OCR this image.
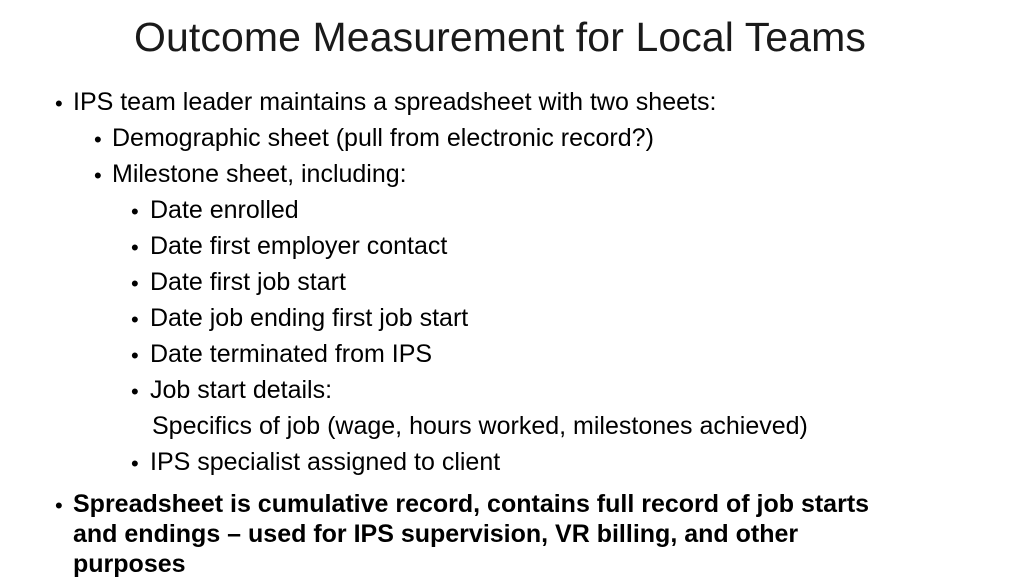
Outcome Measurement for Local Teams
• IPS team leader maintains a spreadsheet with two sheets:
• Demographic sheet (pull from electronic record?)
• Milestone sheet, including:
• Date enrolled
• Date first employer contact
• Date first job start
• Date job ending first job start
• Date terminated from IPS
• Job start details:
Specifics of job (wage, hours worked, milestones achieved)
• IPS specialist assigned to client
• Spreadsheet is cumulative record, contains full record of job starts
and endings – used for IPS supervision, VR billing, and other
purposes
